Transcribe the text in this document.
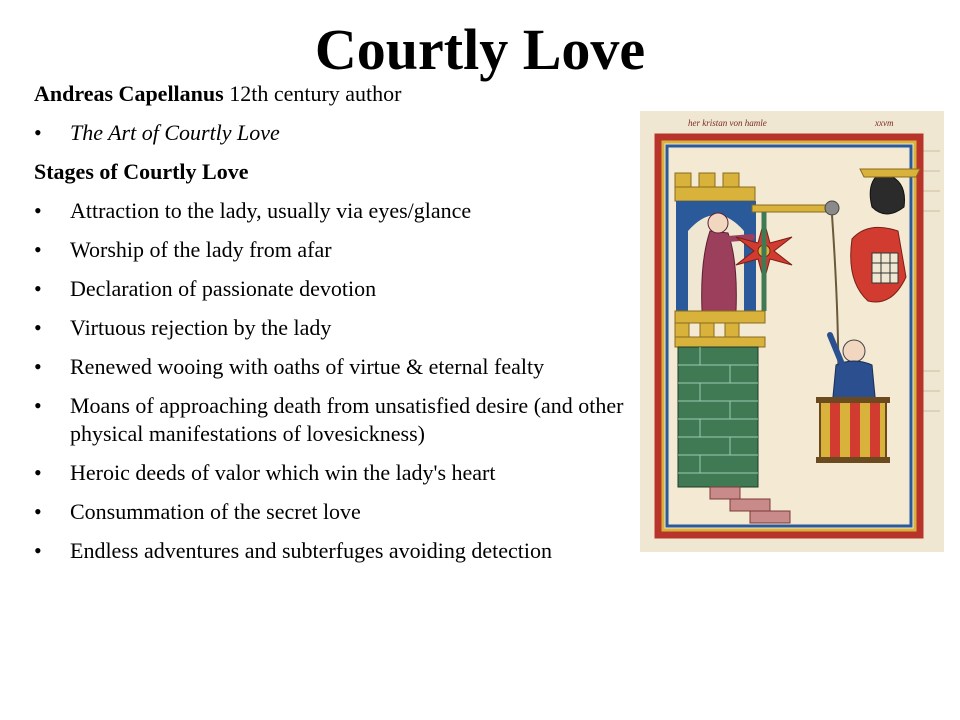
Courtly Love
Andreas Capellanus 12th century author
• The Art of Courtly Love
Stages of Courtly Love
• Attraction to the lady, usually via eyes/glance
• Worship of the lady from afar
• Declaration of passionate devotion
• Virtuous rejection by the lady
• Renewed wooing with oaths of virtue & eternal fealty
• Moans of approaching death from unsatisfied desire (and other physical manifestations of lovesickness)
• Heroic deeds of valor which win the lady's heart
• Consummation of the secret love
• Endless adventures and subterfuges avoiding detection
her kristan von hamle	xxvm
